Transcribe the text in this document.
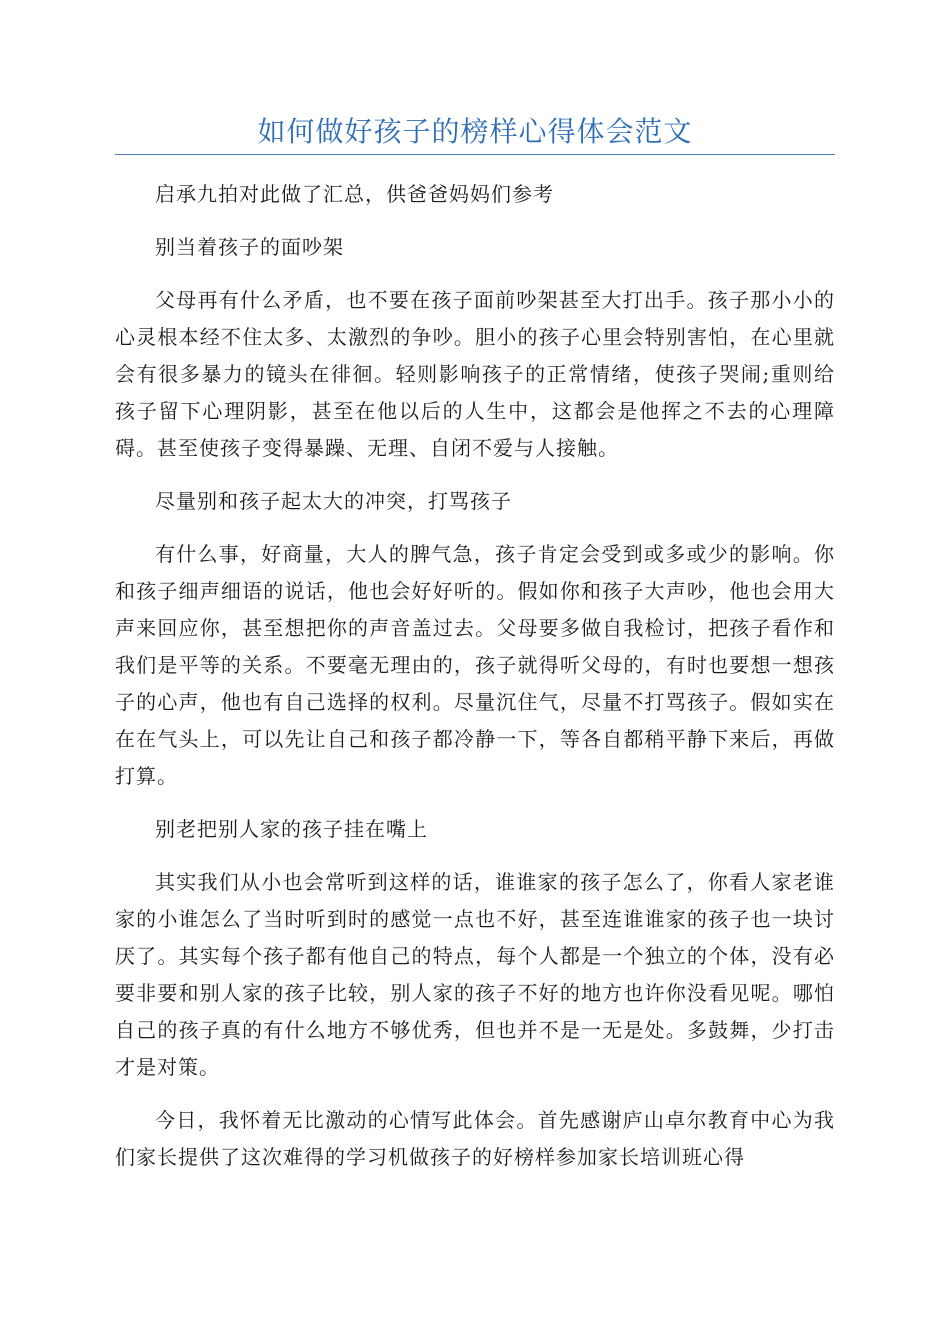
如何做好孩子的榜样心得体会范文

启承九拍对此做了汇总，供爸爸妈妈们参考

别当着孩子的面吵架

父母再有什么矛盾，也不要在孩子面前吵架甚至大打出手。孩子那小小的心灵根本经不住太多、太激烈的争吵。胆小的孩子心里会特别害怕，在心里就会有很多暴力的镜头在徘徊。轻则影响孩子的正常情绪，使孩子哭闹;重则给孩子留下心理阴影，甚至在他以后的人生中，这都会是他挥之不去的心理障碍。甚至使孩子变得暴躁、无理、自闭不爱与人接触。

尽量别和孩子起太大的冲突，打骂孩子

有什么事，好商量，大人的脾气急，孩子肯定会受到或多或少的影响。你和孩子细声细语的说话，他也会好好听的。假如你和孩子大声吵，他也会用大声来回应你，甚至想把你的声音盖过去。父母要多做自我检讨，把孩子看作和我们是平等的关系。不要毫无理由的，孩子就得听父母的，有时也要想一想孩子的心声，他也有自己选择的权利。尽量沉住气，尽量不打骂孩子。假如实在在在气头上，可以先让自己和孩子都冷静一下，等各自都稍平静下来后，再做打算。

别老把别人家的孩子挂在嘴上

其实我们从小也会常听到这样的话，谁谁家的孩子怎么了，你看人家老谁家的小谁怎么了当时听到时的感觉一点也不好，甚至连谁谁家的孩子也一块讨厌了。其实每个孩子都有他自己的特点，每个人都是一个独立的个体，没有必要非要和别人家的孩子比较，别人家的孩子不好的地方也许你没看见呢。哪怕自己的孩子真的有什么地方不够优秀，但也并不是一无是处。多鼓舞，少打击才是对策。

今日，我怀着无比激动的心情写此体会。首先感谢庐山卓尔教育中心为我们家长提供了这次难得的学习机做孩子的好榜样参加家长培训班心得
